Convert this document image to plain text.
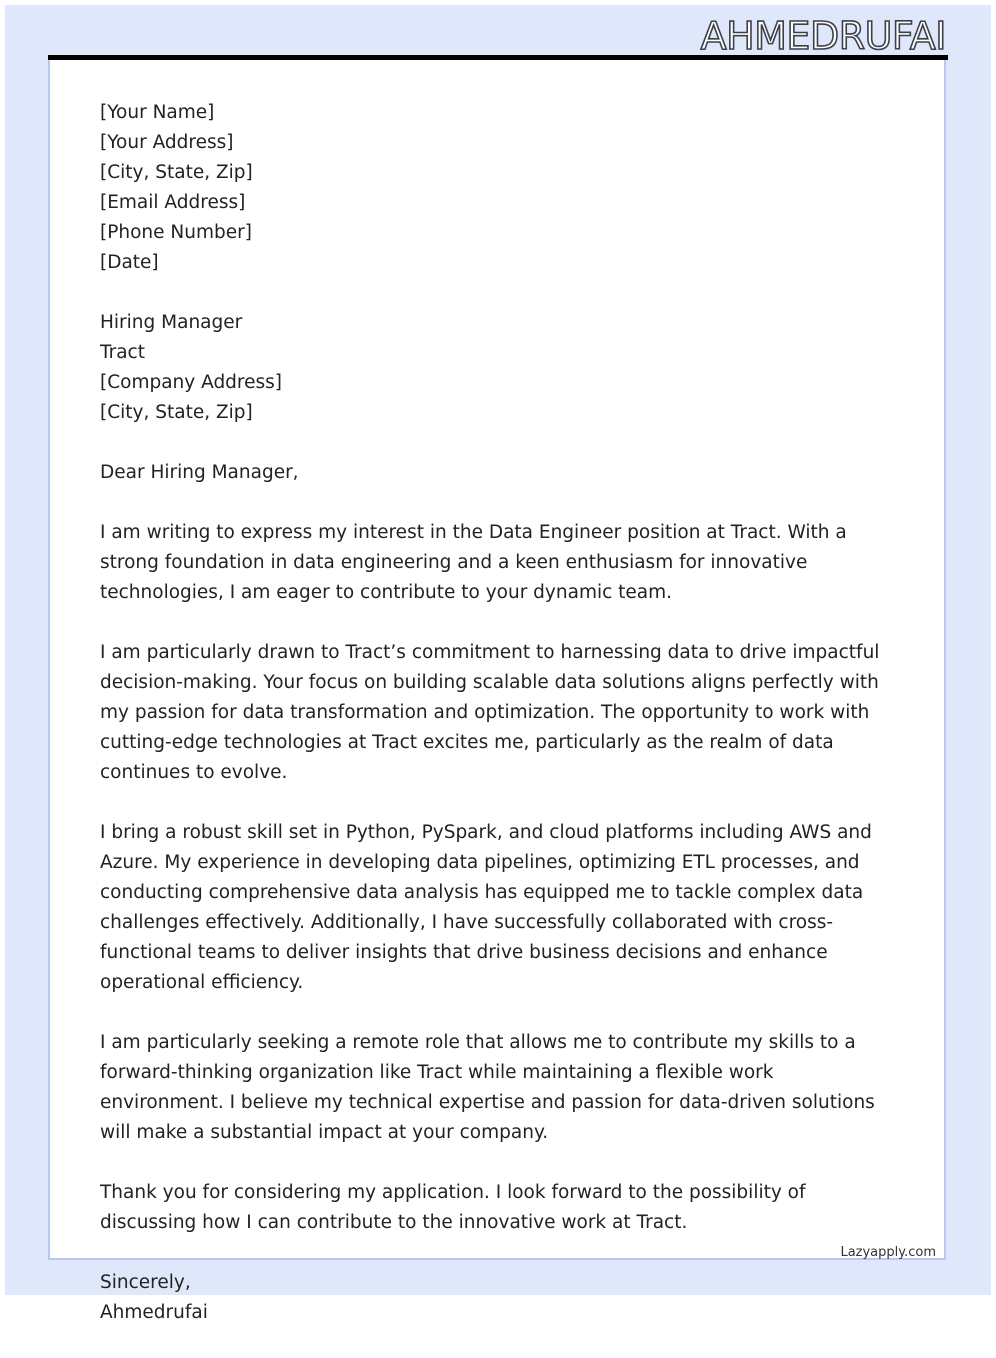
AHMEDRUFAI

[Your Name]
[Your Address]
[City, State, Zip]
[Email Address]
[Phone Number]
[Date]

Hiring Manager
Tract
[Company Address]
[City, State, Zip]

Dear Hiring Manager,

I am writing to express my interest in the Data Engineer position at Tract. With a strong foundation in data engineering and a keen enthusiasm for innovative technologies, I am eager to contribute to your dynamic team.

I am particularly drawn to Tract’s commitment to harnessing data to drive impactful decision-making. Your focus on building scalable data solutions aligns perfectly with my passion for data transformation and optimization. The opportunity to work with cutting-edge technologies at Tract excites me, particularly as the realm of data continues to evolve.

I bring a robust skill set in Python, PySpark, and cloud platforms including AWS and Azure. My experience in developing data pipelines, optimizing ETL processes, and conducting comprehensive data analysis has equipped me to tackle complex data challenges effectively. Additionally, I have successfully collaborated with cross-functional teams to deliver insights that drive business decisions and enhance operational efficiency.

I am particularly seeking a remote role that allows me to contribute my skills to a forward-thinking organization like Tract while maintaining a flexible work environment. I believe my technical expertise and passion for data-driven solutions will make a substantial impact at your company.

Thank you for considering my application. I look forward to the possibility of discussing how I can contribute to the innovative work at Tract.

Sincerely,
Ahmedrufai

Lazyapply.com
